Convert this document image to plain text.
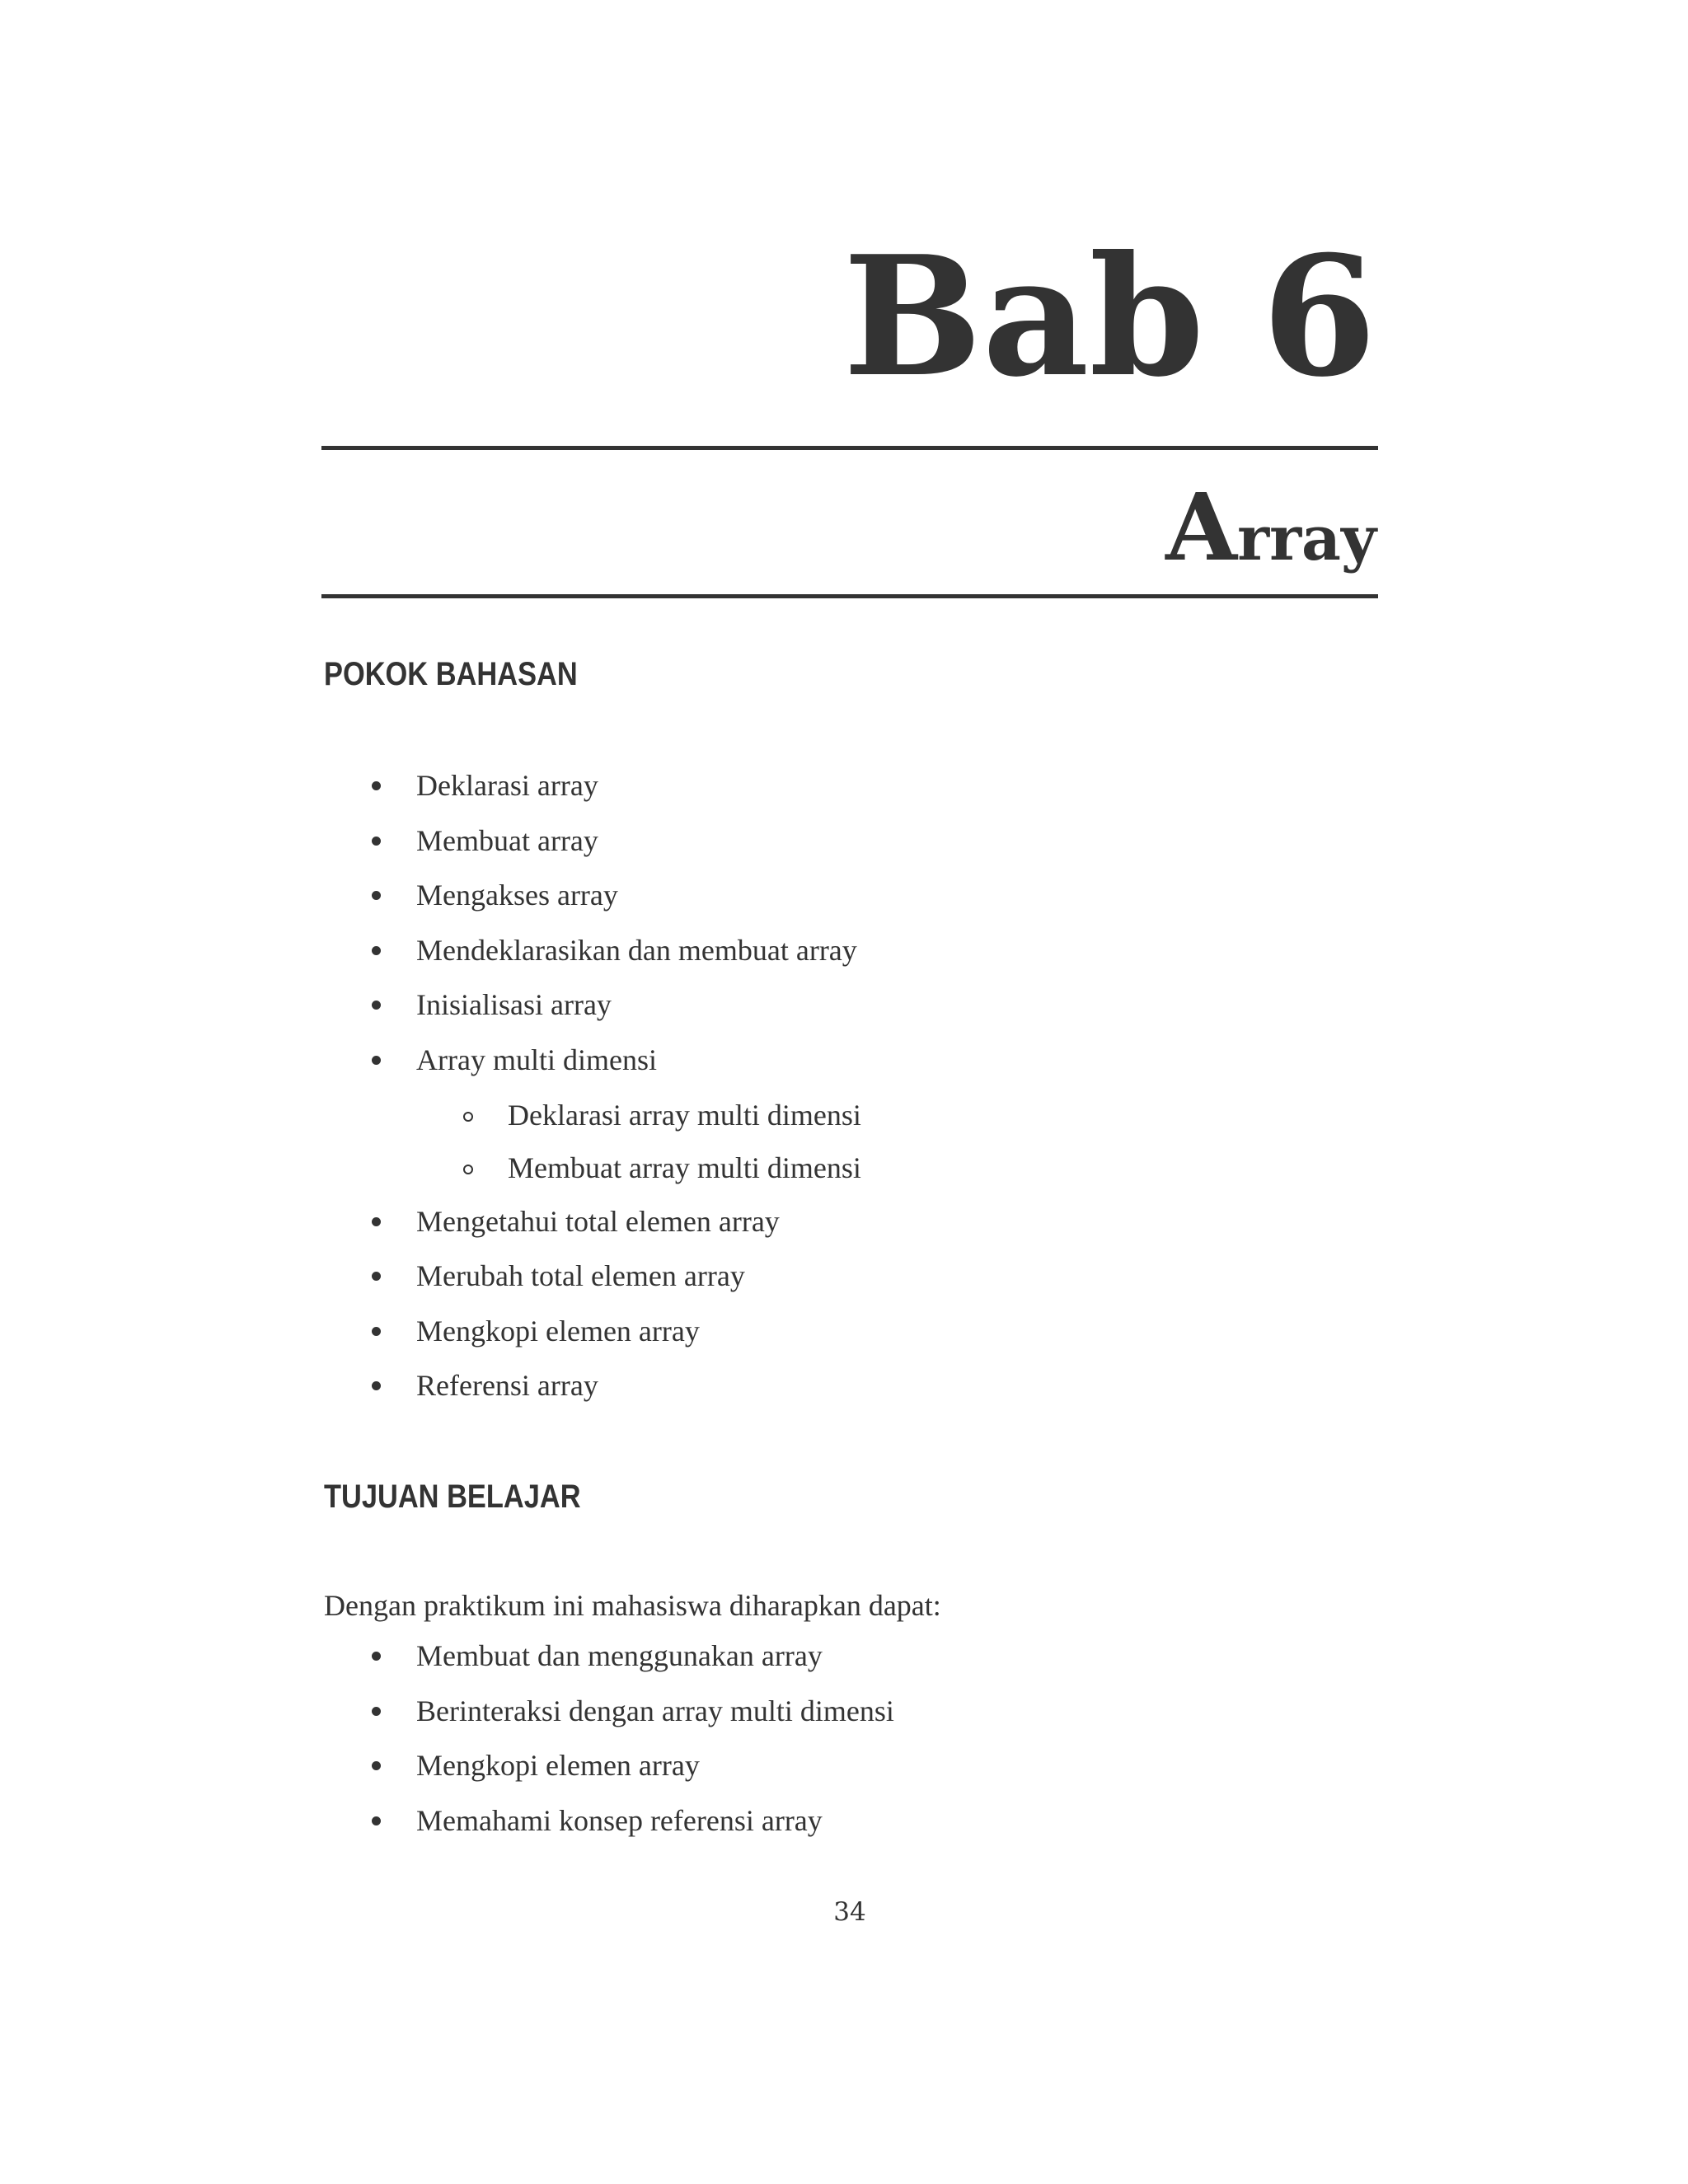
Bab 6
Array
POKOK BAHASAN
Deklarasi array
Membuat array
Mengakses array
Mendeklarasikan dan membuat array
Inisialisasi array
Array multi dimensi
Deklarasi array multi dimensi
Membuat array multi dimensi
Mengetahui total elemen array
Merubah total elemen array
Mengkopi elemen array
Referensi array
TUJUAN BELAJAR

Dengan praktikum ini mahasiswa diharapkan dapat:

Membuat dan menggunakan array
Berinteraksi dengan array multi dimensi
Mengkopi elemen array
Memahami konsep referensi array

34
